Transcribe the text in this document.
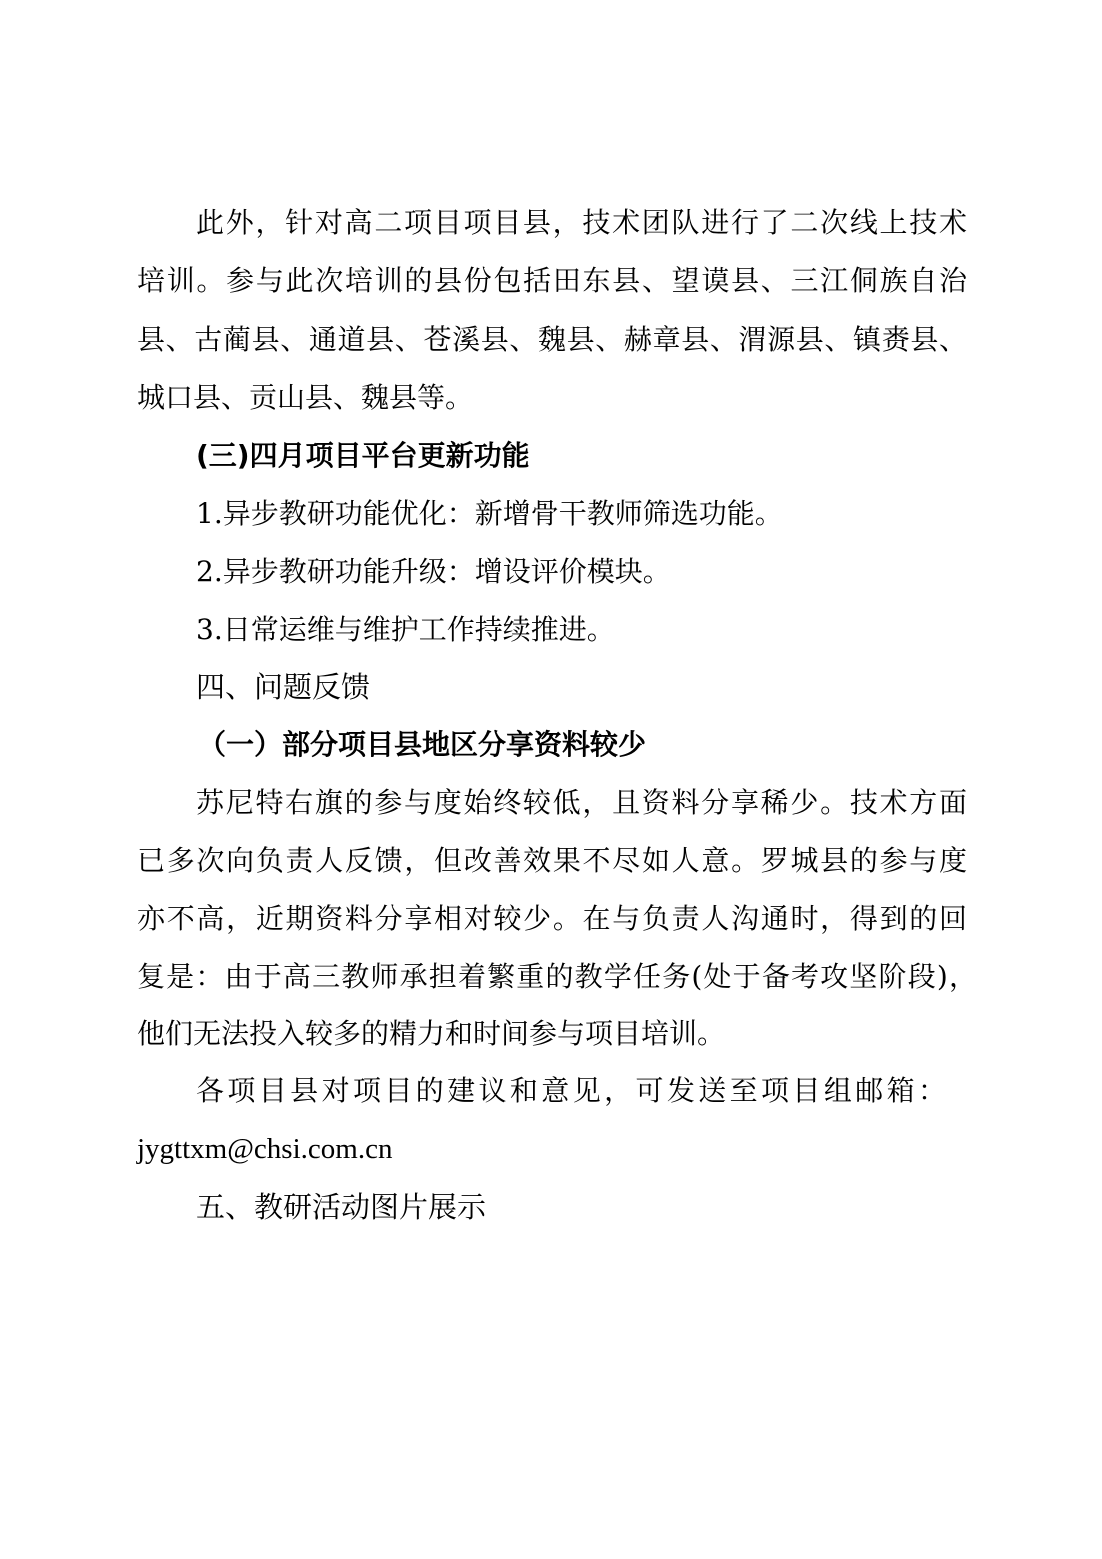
此外，针对高二项目项目县，技术团队进行了二次线上技术
培训。参与此次培训的县份包括田东县、望谟县、三江侗族自治
县、古蔺县、通道县、苍溪县、魏县、赫章县、渭源县、镇赉县、
城口县、贡山县、魏县等。
(三)四月项目平台更新功能
1.异步教研功能优化：新增骨干教师筛选功能。
2.异步教研功能升级：增设评价模块。
3.日常运维与维护工作持续推进。
四、问题反馈
（一）部分项目县地区分享资料较少
苏尼特右旗的参与度始终较低，且资料分享稀少。技术方面
已多次向负责人反馈，但改善效果不尽如人意。罗城县的参与度
亦不高，近期资料分享相对较少。在与负责人沟通时，得到的回
复是：由于高三教师承担着繁重的教学任务(处于备考攻坚阶段)，
他们无法投入较多的精力和时间参与项目培训。
各项目县对项目的建议和意见，可发送至项目组邮箱：
jygttxm@chsi.com.cn
五、教研活动图片展示
